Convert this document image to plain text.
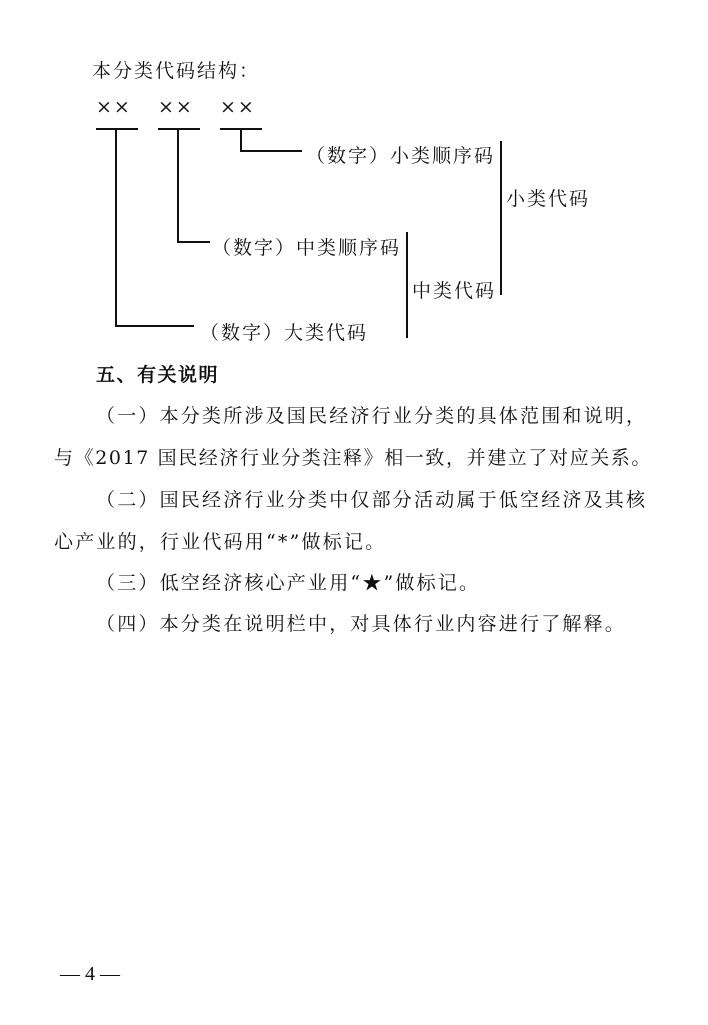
本分类代码结构：
×× ×× ××
（数字）小类顺序码
小类代码
（数字）中类顺序码
中类代码
（数字）大类代码
五、有关说明
（一）本分类所涉及国民经济行业分类的具体范围和说明，
与《2017 国民经济行业分类注释》相一致，并建立了对应关系。
（二）国民经济行业分类中仅部分活动属于低空经济及其核
心产业的，行业代码用“*”做标记。
（三）低空经济核心产业用“★”做标记。
（四）本分类在说明栏中，对具体行业内容进行了解释。
— 4 —
